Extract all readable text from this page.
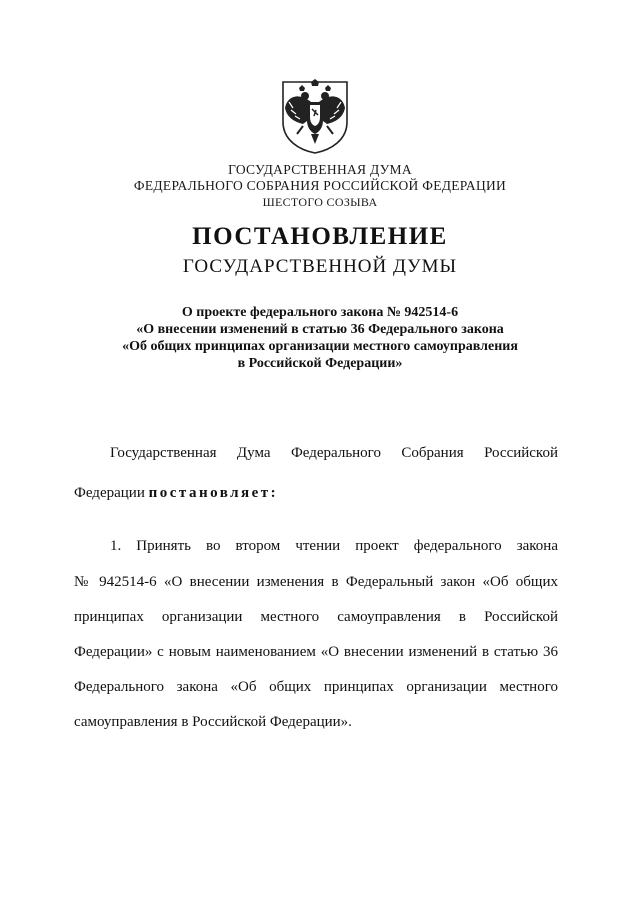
ГОСУДАРСТВЕННАЯ ДУМА
ФЕДЕРАЛЬНОГО СОБРАНИЯ РОССИЙСКОЙ ФЕДЕРАЦИИ
ШЕСТОГО СОЗЫВА
ПОСТАНОВЛЕНИЕ
ГОСУДАРСТВЕННОЙ ДУМЫ
О проекте федерального закона № 942514-6
«О внесении изменений в статью 36 Федерального закона
«Об общих принципах организации местного самоуправления
в Российской Федерации»
Государственная Дума Федерального Собрания Российской
Федерации постановляет:
1. Принять во втором чтении проект федерального закона
№ 942514-6 «О внесении изменения в Федеральный закон «Об общих
принципах организации местного самоуправления в Российской
Федерации» с новым наименованием «О внесении изменений в статью 36
Федерального закона «Об общих принципах организации местного
самоуправления в Российской Федерации».
